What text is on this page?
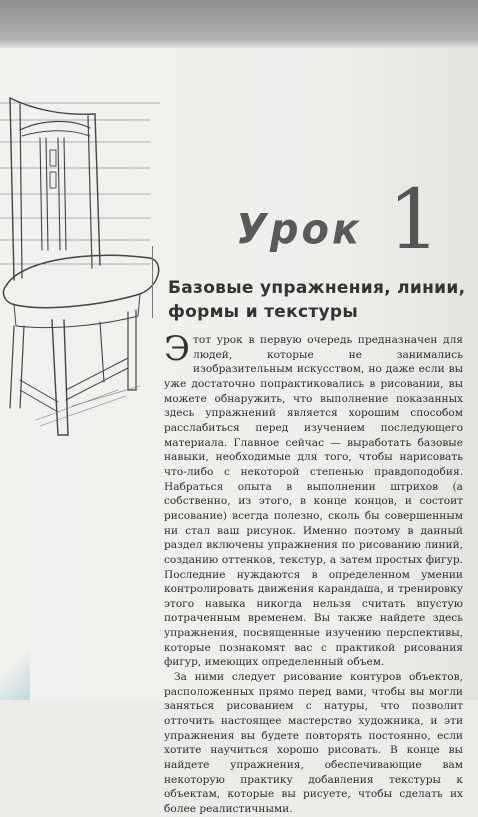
Урок 1
Базовые упражнения, линии, формы и текстуры

Этот урок в первую очередь предназначен для людей, которые не занимались изобразительным искусством, но даже если вы уже достаточно попрактиковались в рисовании, вы можете обнаружить, что выполнение показанных здесь упражнений является хорошим способом расслабиться перед изучением последующего материала. Главное сейчас — выработать базовые навыки, необходимые для того, чтобы нарисовать что-либо с некоторой степенью правдоподобия. Набраться опыта в выполнении штрихов (а собственно, из этого, в конце концов, и состоит рисование) всегда полезно, сколь бы совершенным ни стал ваш рисунок. Именно поэтому в данный раздел включены упражнения по рисованию линий, созданию оттенков, текстур, а затем простых фигур. Последние нуждаются в определенном умении контролировать движения карандаша, и тренировку этого навыка никогда нельзя считать впустую потраченным временем. Вы также найдете здесь упражнения, посвященные изучению перспективы, которые познакомят вас с практикой рисования фигур, имеющих определенный объем.

За ними следует рисование контуров объектов, расположенных прямо перед вами, чтобы вы могли заняться рисованием с натуры, что позволит отточить настоящее мастерство художника, и эти упражнения вы будете повторять постоянно, если хотите научиться хорошо рисовать. В конце вы найдете упражнения, обеспечивающие вам некоторую практику добавления текстуры к объектам, которые вы рисуете, чтобы сделать их более реалистичными.
